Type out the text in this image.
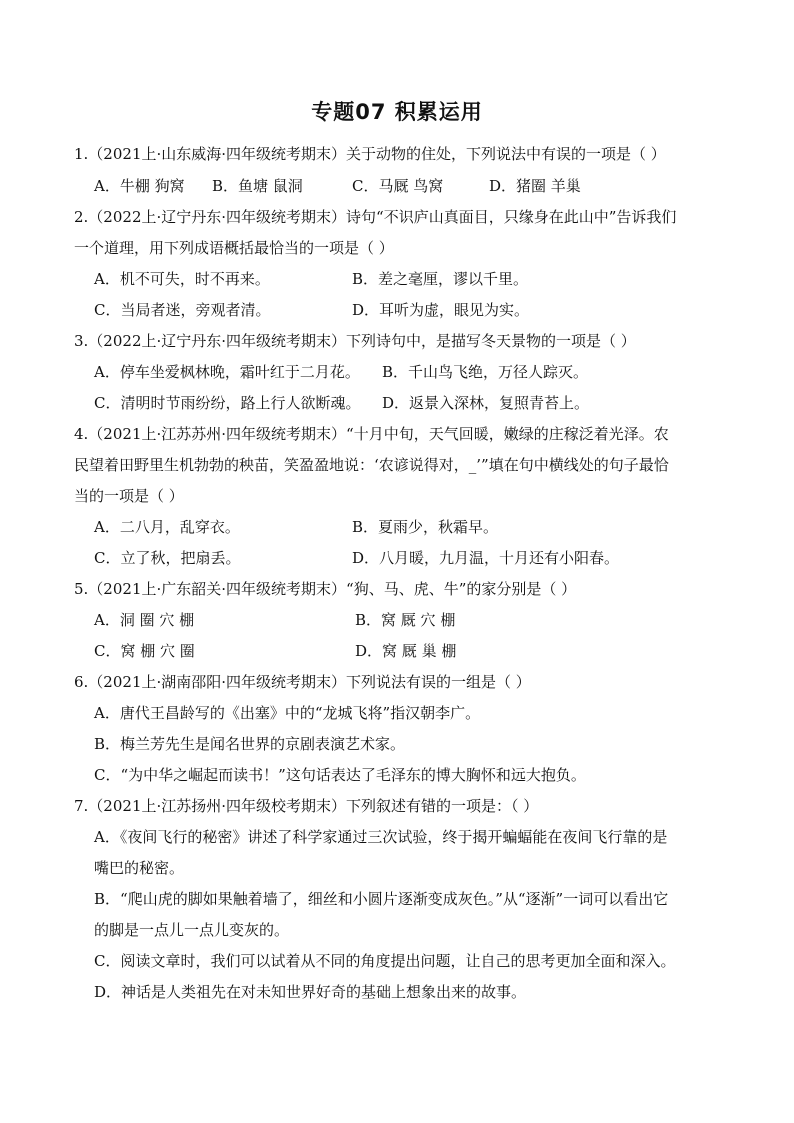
专题07 积累运用
1.（2021上·山东威海·四年级统考期末）关于动物的住处，下列说法中有误的一项是（ ）
A．牛棚 狗窝 B．鱼塘 鼠洞	C．马厩 鸟窝	D．猪圈 羊巢
2.（2022上·辽宁丹东·四年级统考期末）诗句“不识庐山真面目，只缘身在此山中”告诉我们
一个道理，用下列成语概括最恰当的一项是（ ）
A．机不可失，时不再来。	B．差之毫厘，谬以千里。
C．当局者迷，旁观者清。	D．耳听为虚，眼见为实。
3.（2022上·辽宁丹东·四年级统考期末）下列诗句中，是描写冬天景物的一项是（ ）
A．停车坐爱枫林晚，霜叶红于二月花。 B．千山鸟飞绝，万径人踪灭。
C．清明时节雨纷纷，路上行人欲断魂。 D．返景入深林，复照青苔上。
4.（2021上·江苏苏州·四年级统考期末）“十月中旬，天气回暖，嫩绿的庄稼泛着光泽。农
民望着田野里生机勃勃的秧苗，笑盈盈地说：‘农谚说得对，_’”填在句中横线处的句子最恰
当的一项是（ ）
A．二八月，乱穿衣。	B．夏雨少，秋霜早。
C．立了秋，把扇丢。	D．八月暖，九月温，十月还有小阳春。
5.（2021上·广东韶关·四年级统考期末）“狗、马、虎、牛”的家分别是（ ）
A．洞 圈 穴 棚	B．窝 厩 穴 棚
C．窝 棚 穴 圈	D．窝 厩 巢 棚
6.（2021上·湖南邵阳·四年级统考期末）下列说法有误的一组是（ ）
A．唐代王昌龄写的《出塞》中的“龙城飞将”指汉朝李广。
B．梅兰芳先生是闻名世界的京剧表演艺术家。
C．“为中华之崛起而读书！”这句话表达了毛泽东的博大胸怀和远大抱负。
7.（2021上·江苏扬州·四年级校考期末）下列叙述有错的一项是：（ ）
A．《夜间飞行的秘密》讲述了科学家通过三次试验，终于揭开蝙蝠能在夜间飞行靠的是
嘴巴的秘密。
B．“爬山虎的脚如果触着墙了，细丝和小圆片逐渐变成灰色。”从“逐渐”一词可以看出它
的脚是一点儿一点儿变灰的。
C．阅读文章时，我们可以试着从不同的角度提出问题，让自己的思考更加全面和深入。
D．神话是人类祖先在对未知世界好奇的基础上想象出来的故事。
